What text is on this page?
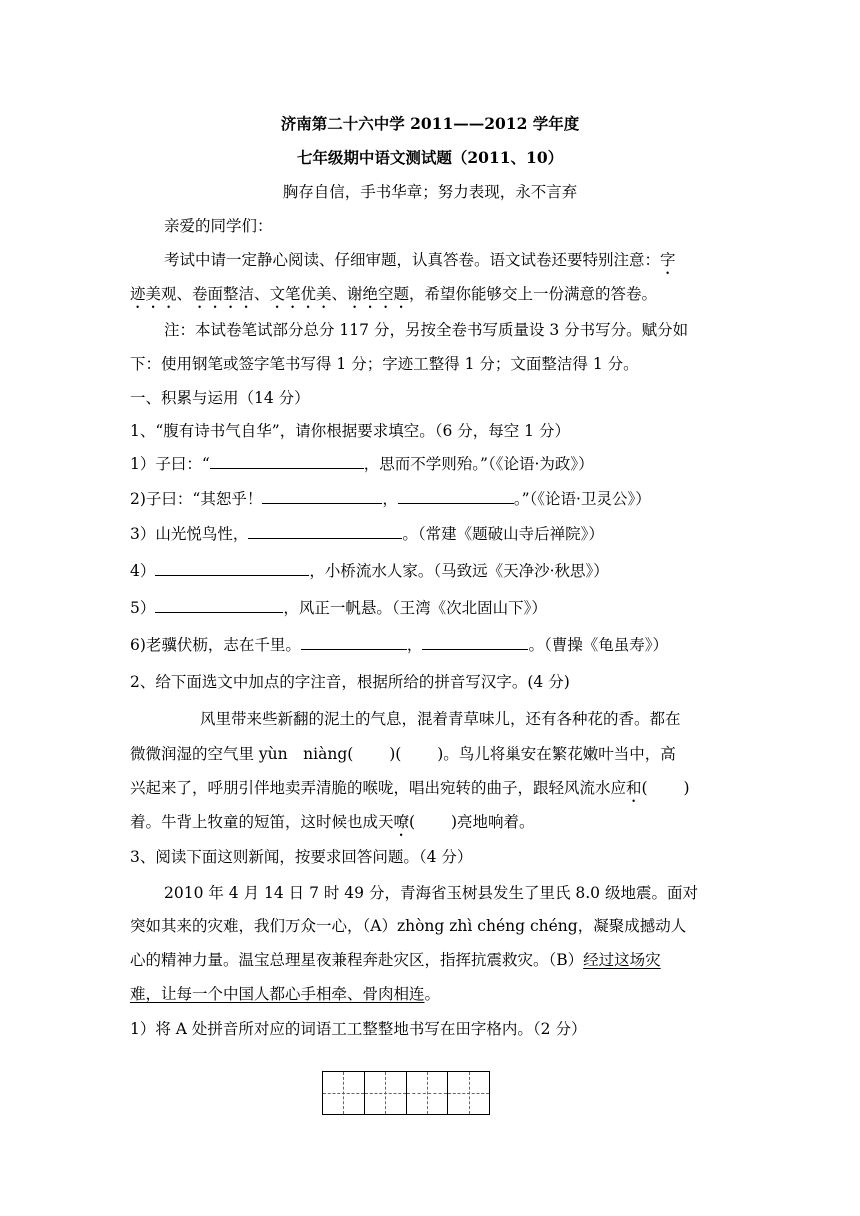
济南第二十六中学 2011——2012 学年度
七年级期中语文测试题（2011、10）
胸存自信，手书华章；努力表现，永不言弃
亲爱的同学们：
考试中请一定静心阅读、仔细审题，认真答卷。语文试卷还要特别注意：字
迹美观、卷面整洁、文笔优美、谢绝空题，希望你能够交上一份满意的答卷。
注：本试卷笔试部分总分 117 分，另按全卷书写质量设 3 分书写分。赋分如
下：使用钢笔或签字笔书写得 1 分；字迹工整得 1 分；文面整洁得 1 分。
一、积累与运用（14 分）
1、“腹有诗书气自华”，请你根据要求填空。（6 分，每空 1 分）
1）子曰：“	，思而不学则殆。”（《论语·为政》）
2)子曰：“其恕乎！	，	。”（《论语·卫灵公》）
3）山光悦鸟性，	。（常建《题破山寺后禅院》）
4）	，小桥流水人家。（马致远《天净沙·秋思》）
5）	，风正一帆悬。（王湾《次北固山下》）
6)老骥伏枥，志在千里。	，	。（曹操《龟虽寿》）
2、给下面选文中加点的字注音，根据所给的拼音写汉字。(4 分)
风里带来些新翻的泥土的气息，混着青草味儿，还有各种花的香。都在
微微润湿的空气里 yùn　niàng(　　 )(　　 )。鸟儿将巢安在繁花嫩叶当中，高
兴起来了，呼朋引伴地卖弄清脆的喉咙，唱出宛转的曲子，跟轻风流水应和(　　 )
着。牛背上牧童的短笛，这时候也成天嘹(　　 )亮地响着。
3、阅读下面这则新闻，按要求回答问题。（4 分）
2010 年 4 月 14 日 7 时 49 分，青海省玉树县发生了里氏 8.0 级地震。面对
突如其来的灾难，我们万众一心，（A）zhòng zhì chéng chéng，凝聚成撼动人
心的精神力量。温宝总理星夜兼程奔赴灾区，指挥抗震救灾。（B）经过这场灾
难，让每一个中国人都心手相牵、骨肉相连。
1）将 A 处拼音所对应的词语工工整整地书写在田字格内。（2 分）
